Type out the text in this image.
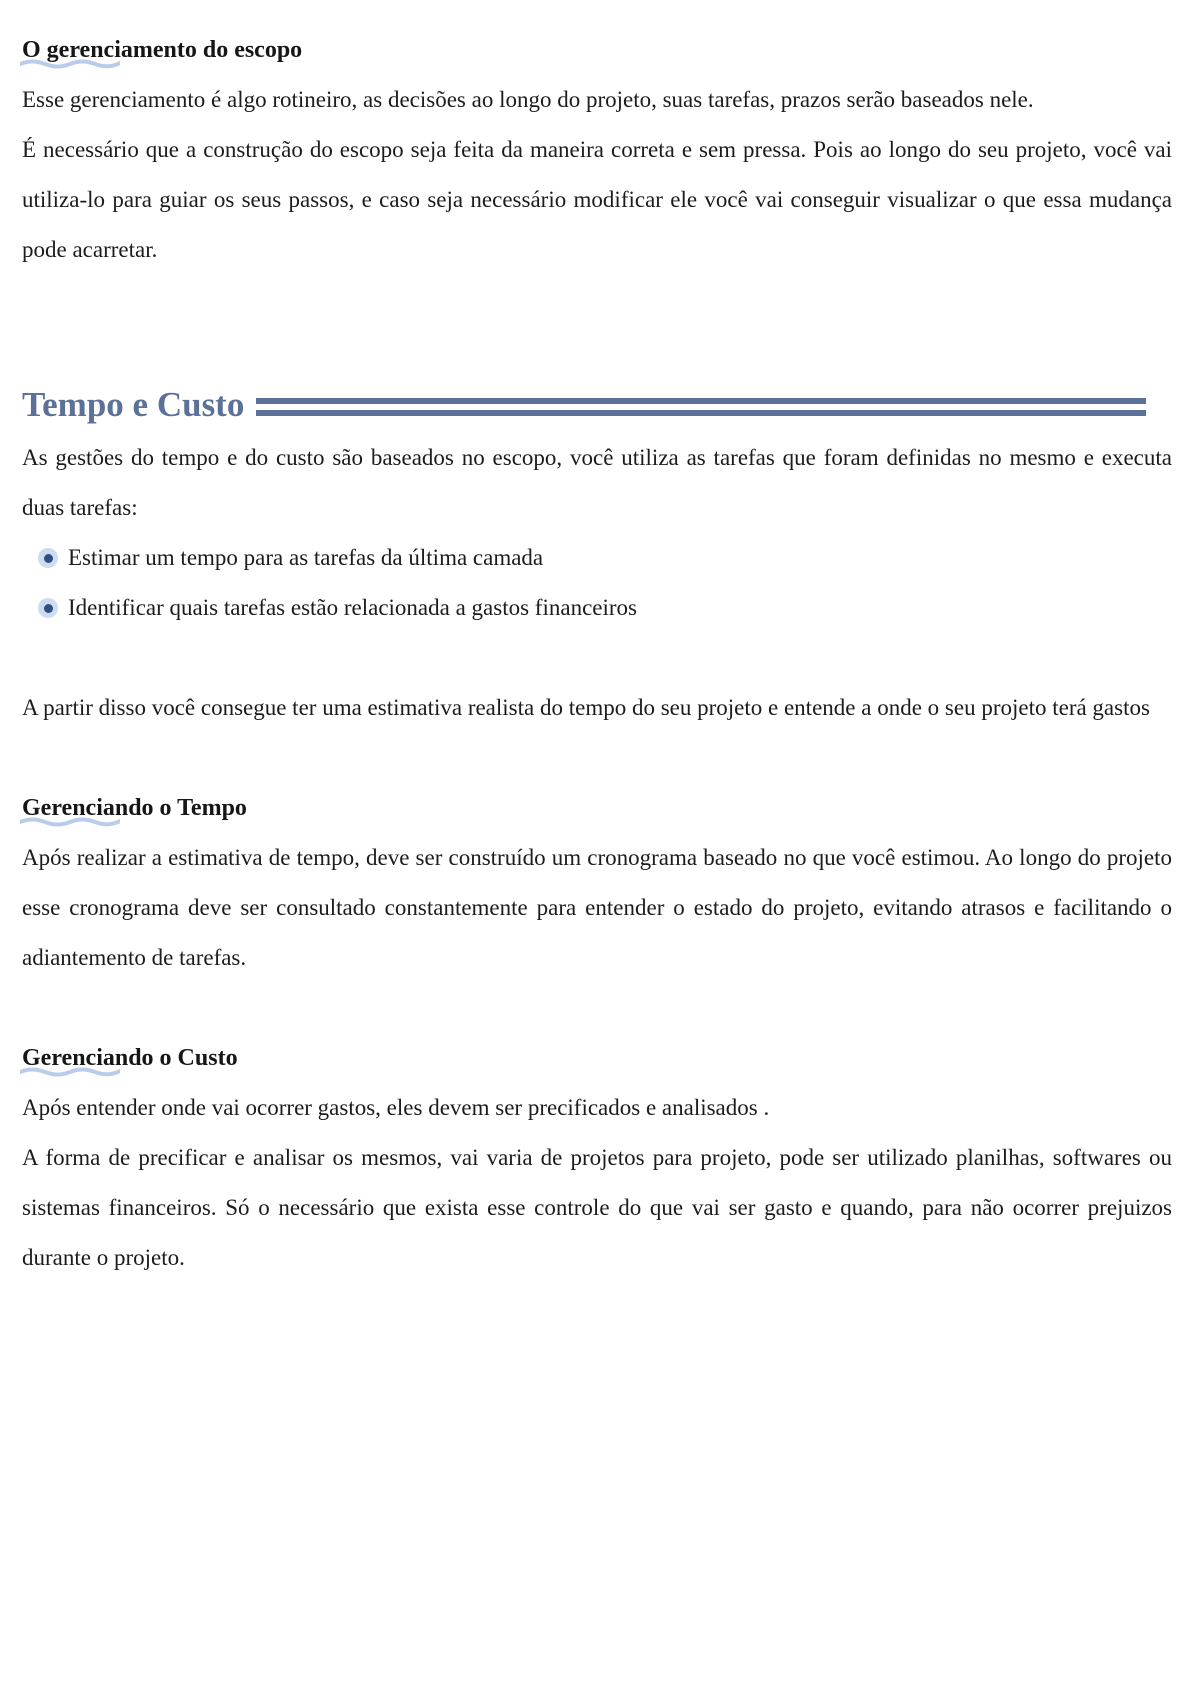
O gerenciamento do escopo

Esse gerenciamento é algo rotineiro, as decisões ao longo do projeto, suas tarefas, prazos serão baseados nele.

É necessário que a construção do escopo seja feita da maneira correta e sem pressa. Pois ao longo do seu projeto, você vai utiliza-lo para guiar os seus passos, e caso seja necessário modificar ele você vai conseguir visualizar o que essa mudança pode acarretar.

Tempo e Custo

As gestões do tempo e do custo são baseados no escopo, você utiliza as tarefas que foram definidas no mesmo e executa duas tarefas:

Estimar um tempo para as tarefas da última camada
Identificar quais tarefas estão relacionada a gastos financeiros

A partir disso você consegue ter uma estimativa realista do tempo do seu projeto e entende a onde o seu projeto terá gastos

Gerenciando o Tempo

Após realizar a estimativa de tempo, deve ser construído um cronograma baseado no que você estimou. Ao longo do projeto esse cronograma deve ser consultado constantemente para entender o estado do projeto, evitando atrasos e facilitando o adiantemento de tarefas.

Gerenciando o Custo

Após entender onde vai ocorrer gastos, eles devem ser precificados e analisados .

A forma de precificar e analisar os mesmos, vai varia de projetos para projeto, pode ser utilizado planilhas, softwares ou sistemas financeiros. Só o necessário que exista esse controle do que vai ser gasto e quando, para não ocorrer prejuizos durante o projeto.
